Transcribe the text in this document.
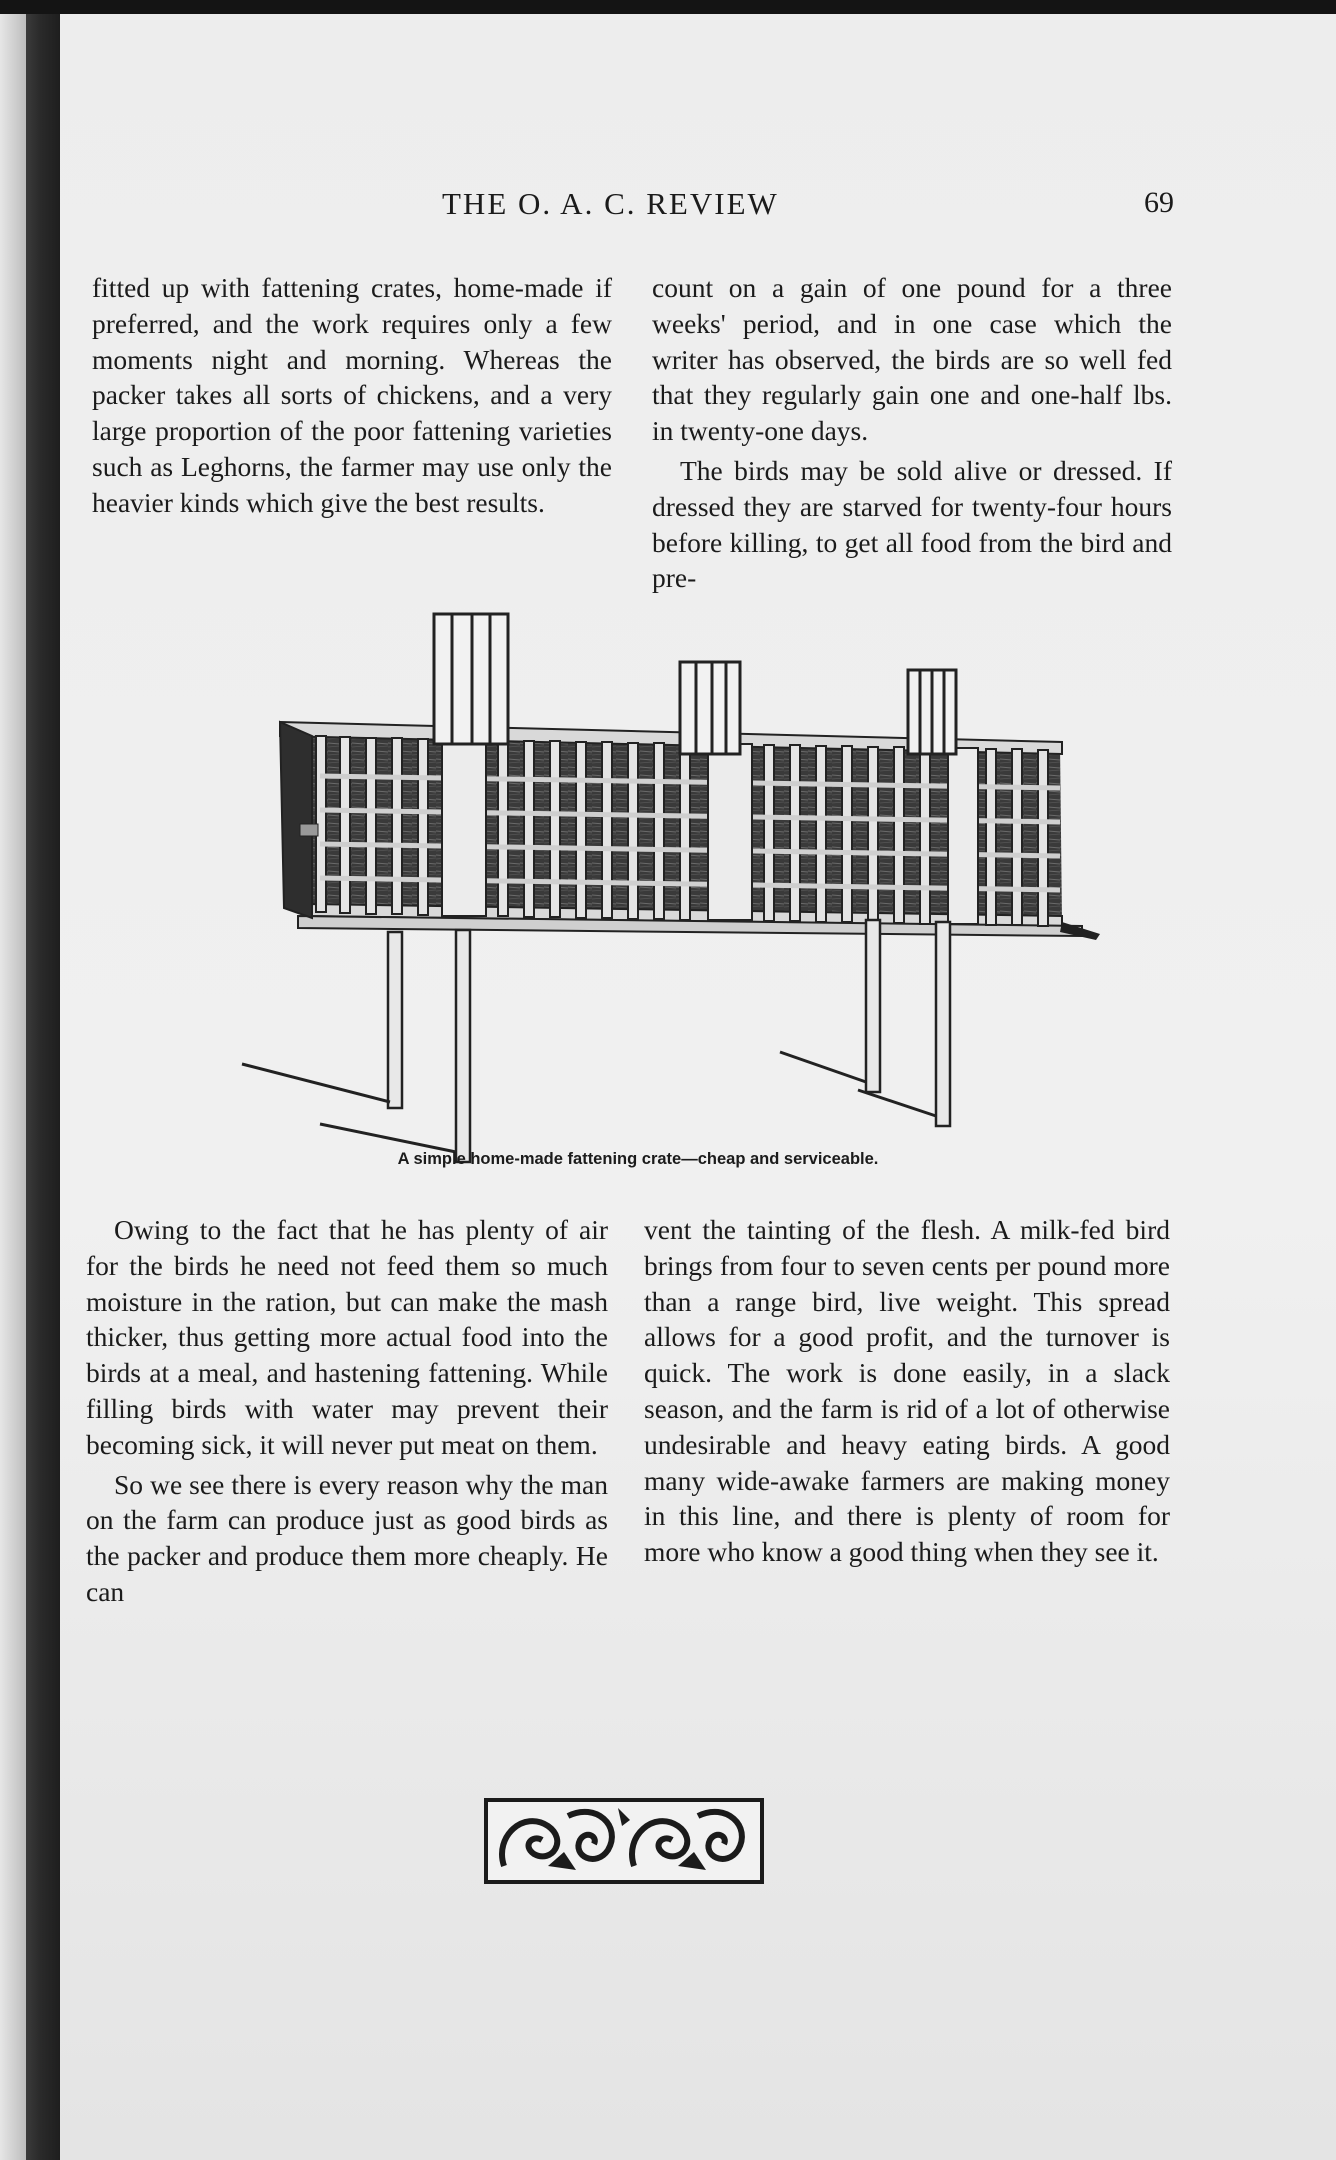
THE O. A. C. REVIEW	69

fitted up with fattening crates, home-made if preferred, and the work requires only a few moments night and morning. Whereas the packer takes all sorts of chickens, and a very large proportion of the poor fattening varieties such as Leghorns, the farmer may use only the heavier kinds which give the best results.

count on a gain of one pound for a three weeks' period, and in one case which the writer has observed, the birds are so well fed that they regularly gain one and one-half lbs. in twenty-one days.

The birds may be sold alive or dressed. If dressed they are starved for twenty-four hours before killing, to get all food from the bird and pre-

A simple home-made fattening crate—cheap and serviceable.

Owing to the fact that he has plenty of air for the birds he need not feed them so much moisture in the ration, but can make the mash thicker, thus getting more actual food into the birds at a meal, and hastening fattening. While filling birds with water may prevent their becoming sick, it will never put meat on them.

So we see there is every reason why the man on the farm can produce just as good birds as the packer and produce them more cheaply. He can

vent the tainting of the flesh. A milk-fed bird brings from four to seven cents per pound more than a range bird, live weight. This spread allows for a good profit, and the turnover is quick. The work is done easily, in a slack season, and the farm is rid of a lot of otherwise undesirable and heavy eating birds. A good many wide-awake farmers are making money in this line, and there is plenty of room for more who know a good thing when they see it.
